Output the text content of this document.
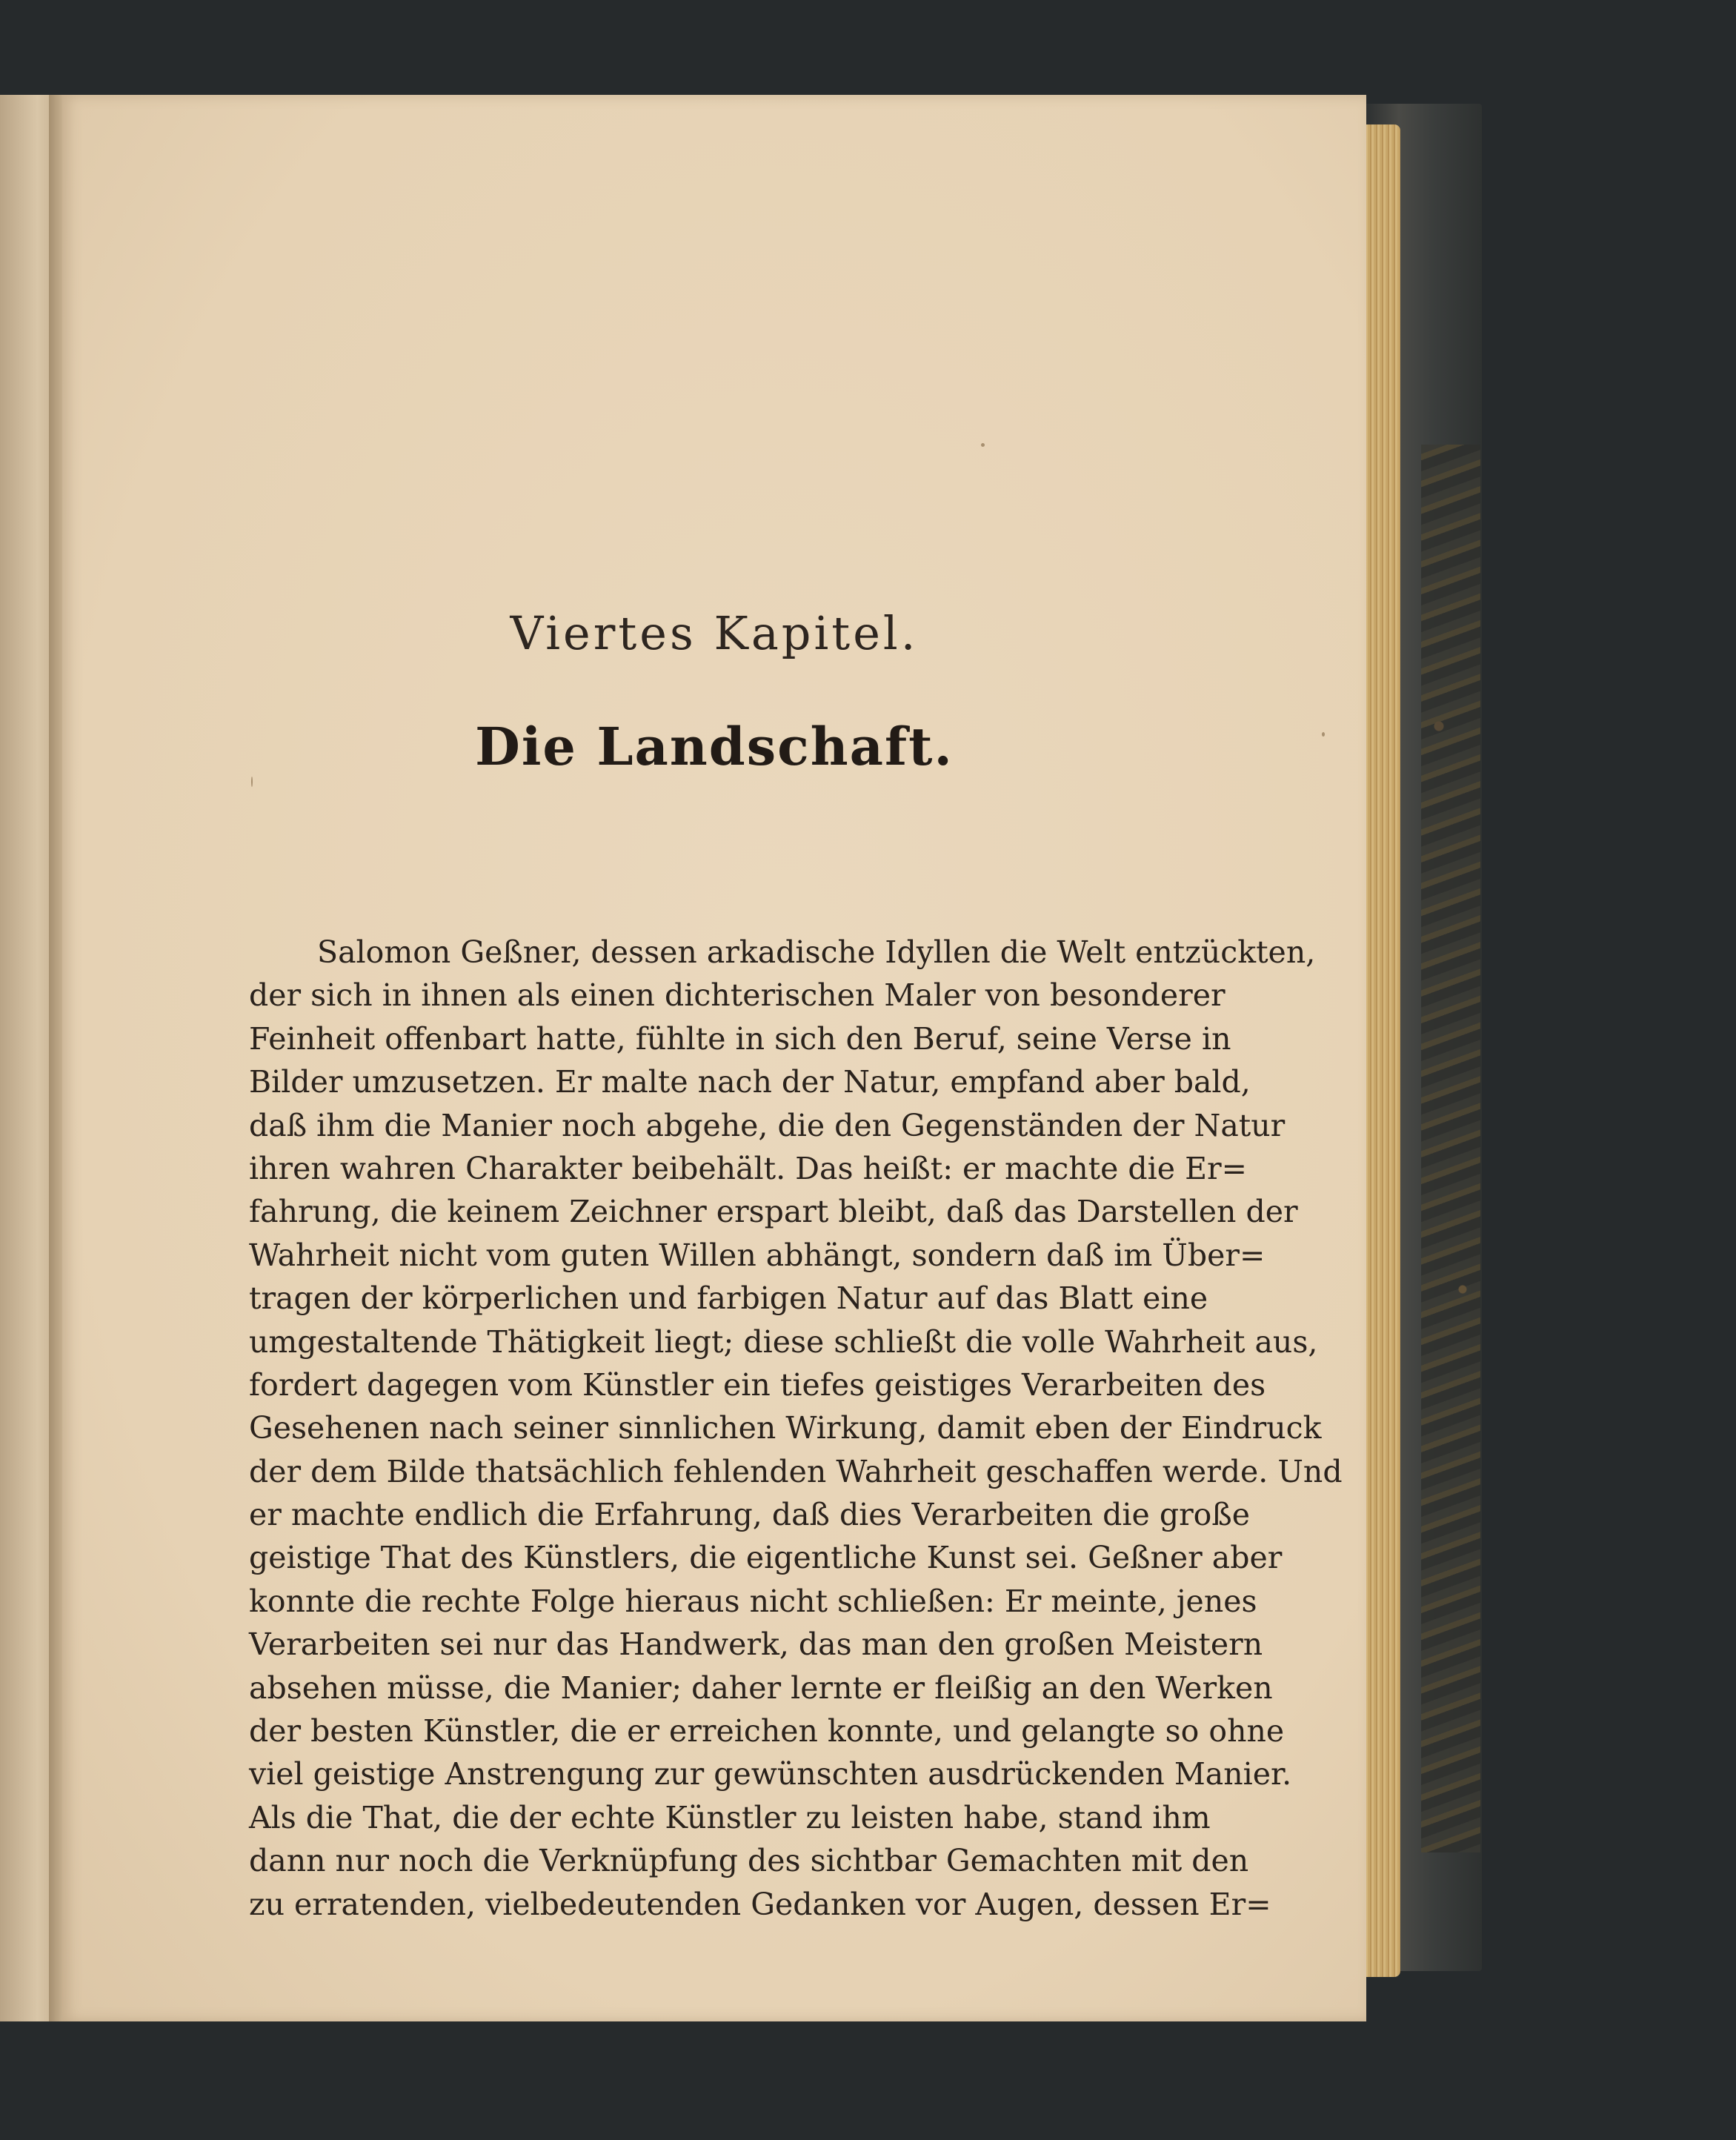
Viertes Kapitel.
Die Landschaft.
Salomon Geßner, dessen arkadische Idyllen die Welt entzückten,
der sich in ihnen als einen dichterischen Maler von besonderer
Feinheit offenbart hatte, fühlte in sich den Beruf, seine Verse in
Bilder umzusetzen. Er malte nach der Natur, empfand aber bald,
daß ihm die Manier noch abgehe, die den Gegenständen der Natur
ihren wahren Charakter beibehält. Das heißt: er machte die Er=
fahrung, die keinem Zeichner erspart bleibt, daß das Darstellen der
Wahrheit nicht vom guten Willen abhängt, sondern daß im Über=
tragen der körperlichen und farbigen Natur auf das Blatt eine
umgestaltende Thätigkeit liegt; diese schließt die volle Wahrheit aus,
fordert dagegen vom Künstler ein tiefes geistiges Verarbeiten des
Gesehenen nach seiner sinnlichen Wirkung, damit eben der Eindruck
der dem Bilde thatsächlich fehlenden Wahrheit geschaffen werde. Und
er machte endlich die Erfahrung, daß dies Verarbeiten die große
geistige That des Künstlers, die eigentliche Kunst sei. Geßner aber
konnte die rechte Folge hieraus nicht schließen: Er meinte, jenes
Verarbeiten sei nur das Handwerk, das man den großen Meistern
absehen müsse, die Manier; daher lernte er fleißig an den Werken
der besten Künstler, die er erreichen konnte, und gelangte so ohne
viel geistige Anstrengung zur gewünschten ausdrückenden Manier.
Als die That, die der echte Künstler zu leisten habe, stand ihm
dann nur noch die Verknüpfung des sichtbar Gemachten mit den
zu erratenden, vielbedeutenden Gedanken vor Augen, dessen Er=
